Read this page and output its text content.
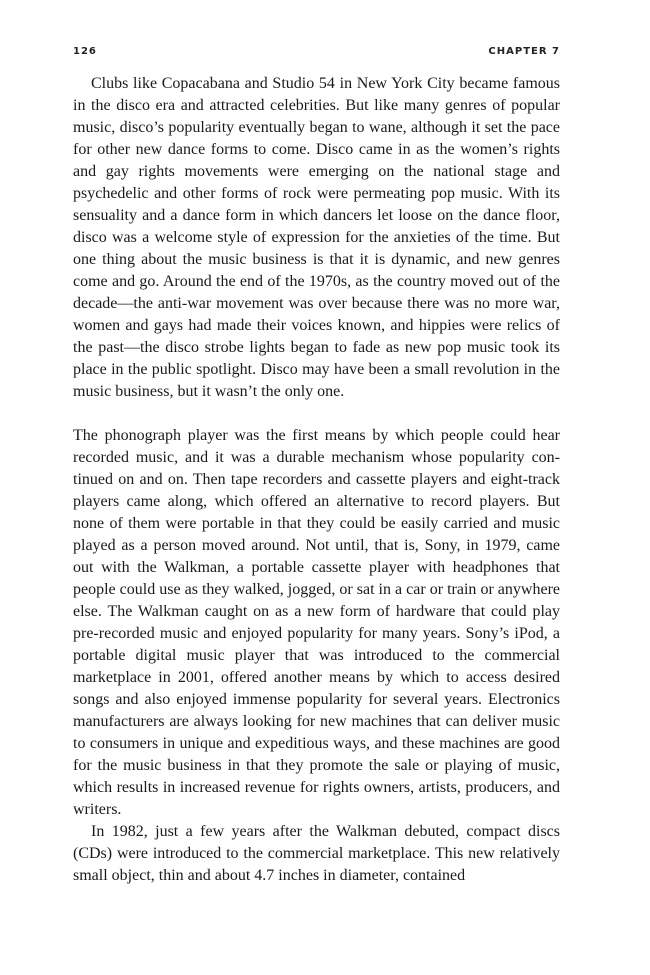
126	CHAPTER 7

Clubs like Copacabana and Studio 54 in New York City became famous in the disco era and attracted celebrities. But like many genres of popular music, disco’s popularity eventually began to wane, although it set the pace for other new dance forms to come. Disco came in as the women’s rights and gay rights movements were emerging on the national stage and psychedelic and other forms of rock were permeating pop music. With its sensuality and a dance form in which dancers let loose on the dance floor, disco was a welcome style of expression for the anxieties of the time. But one thing about the music business is that it is dynamic, and new genres come and go. Around the end of the 1970s, as the country moved out of the decade—the anti-war movement was over because there was no more war, women and gays had made their voices known, and hippies were relics of the past—the disco strobe lights began to fade as new pop music took its place in the public spotlight. Disco may have been a small revolution in the music business, but it wasn’t the only one.

The phonograph player was the first means by which people could hear recorded music, and it was a durable mechanism whose popularity continued on and on. Then tape recorders and cassette players and eight-track players came along, which offered an alternative to record players. But none of them were portable in that they could be easily carried and music played as a person moved around. Not until, that is, Sony, in 1979, came out with the Walkman, a portable cassette player with headphones that people could use as they walked, jogged, or sat in a car or train or anywhere else. The Walkman caught on as a new form of hardware that could play pre-recorded music and enjoyed popularity for many years. Sony’s iPod, a portable digital music player that was introduced to the commercial marketplace in 2001, offered another means by which to access desired songs and also enjoyed immense popularity for several years. Electronics manufacturers are always looking for new machines that can deliver music to consumers in unique and expeditious ways, and these machines are good for the music business in that they promote the sale or playing of music, which results in increased revenue for rights owners, artists, producers, and writers.

In 1982, just a few years after the Walkman debuted, compact discs (CDs) were introduced to the commercial marketplace. This new relatively small object, thin and about 4.7 inches in diameter, contained
